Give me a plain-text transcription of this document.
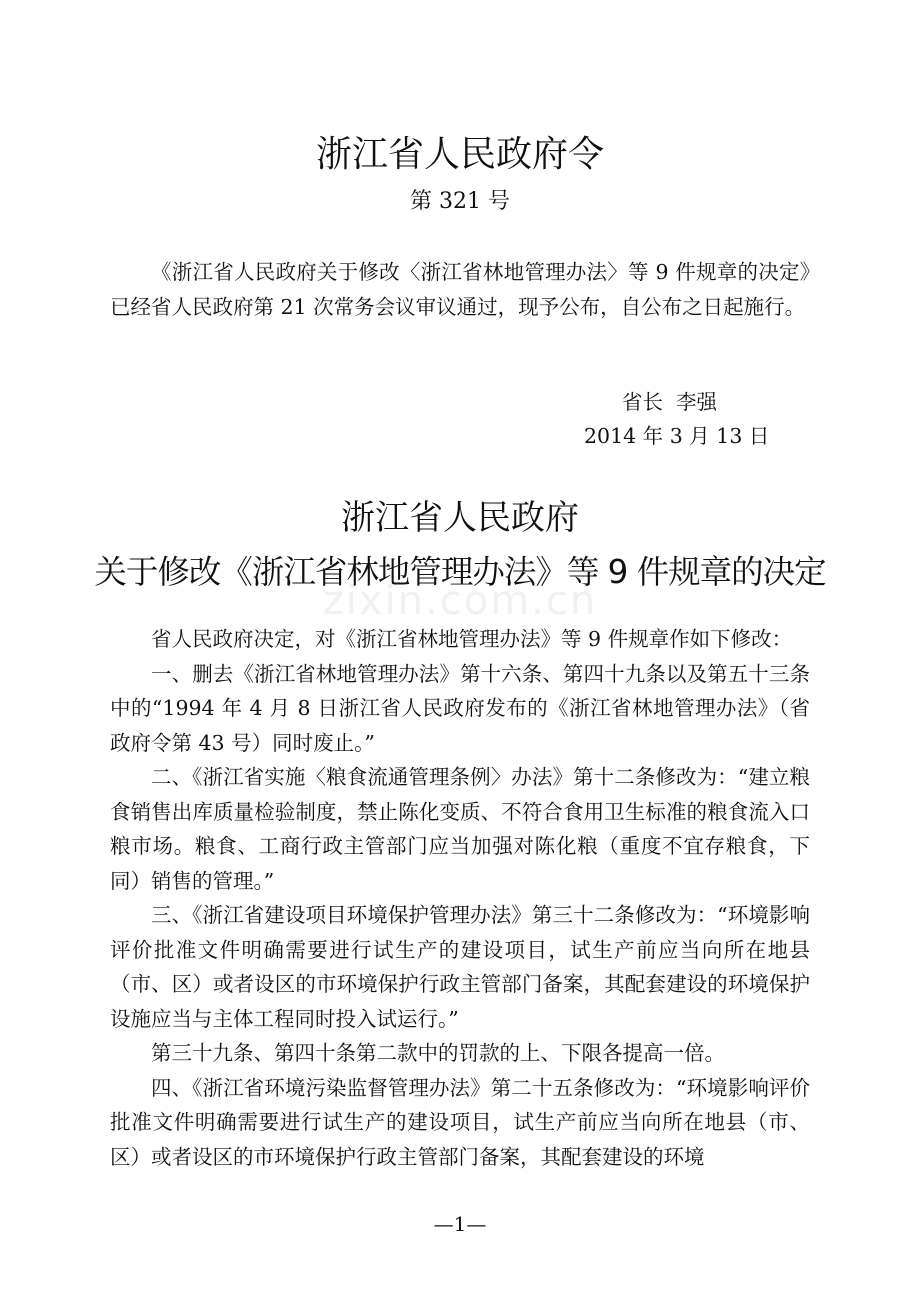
浙江省人民政府令
第 321 号

《浙江省人民政府关于修改〈浙江省林地管理办法〉等 9 件规章的决定》已经省人民政府第 21 次常务会议审议通过，现予公布，自公布之日起施行。

省长  李强
2014 年 3 月 13 日
浙江省人民政府
关于修改《浙江省林地管理办法》等 9 件规章的决定
zixin.com.cn

省人民政府决定，对《浙江省林地管理办法》等 9 件规章作如下修改：

一、删去《浙江省林地管理办法》第十六条、第四十九条以及第五十三条中的“1994 年 4 月 8 日浙江省人民政府发布的《浙江省林地管理办法》（省政府令第 43 号）同时废止。”

二、《浙江省实施〈粮食流通管理条例〉办法》第十二条修改为：“建立粮食销售出库质量检验制度，禁止陈化变质、不符合食用卫生标准的粮食流入口粮市场。粮食、工商行政主管部门应当加强对陈化粮（重度不宜存粮食，下同）销售的管理。”

三、《浙江省建设项目环境保护管理办法》第三十二条修改为：“环境影响评价批准文件明确需要进行试生产的建设项目，试生产前应当向所在地县（市、区）或者设区的市环境保护行政主管部门备案，其配套建设的环境保护设施应当与主体工程同时投入试运行。”

第三十九条、第四十条第二款中的罚款的上、下限各提高一倍。

四、《浙江省环境污染监督管理办法》第二十五条修改为：“环境影响评价批准文件明确需要进行试生产的建设项目，试生产前应当向所在地县（市、区）或者设区的市环境保护行政主管部门备案，其配套建设的环境

—1—
